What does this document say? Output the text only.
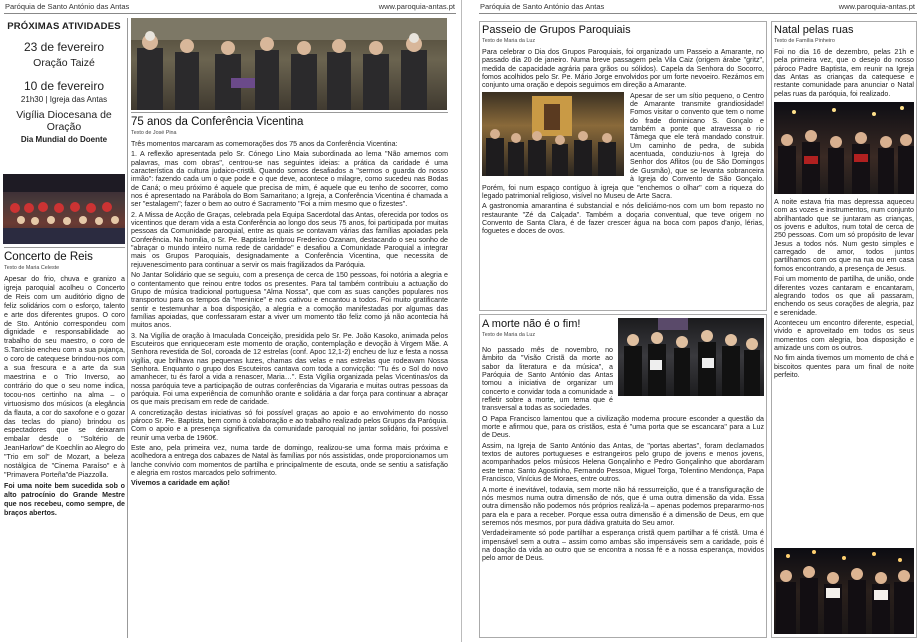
Paróquia de Santo António das Antas	www.paroquia-antas.pt
PRÓXIMAS ATIVIDADES
23 de fevereiro
Oração Taizé
10 de fevereiro
21h30 | Igreja das Antas
Vigília Diocesana de Oração
Dia Mundial do Doente
Concerto de Reis
Texto de Maria Celeste

Apesar do frio, chuva e granizo a igreja paroquial acolheu o Concerto de Reis com um auditório digno de feliz solidários com o esforço, talento e arte dos diferentes grupos. O coro de Sto. António correspondeu com dignidade e responsabilidade ao trabalho do seu maestro, o coro de S.Tarcísio encheu com a sua pujança, o coro de catequese brindou-nos com a sua frescura e a arte da sua maestrina e o Trio Inverso, ao contrário do que o seu nome indica, tocou-nos certinho na alma – o virtuosismo dos músicos (a elegância da flauta, a cor do saxofone e o gozar das teclas do piano) brindou os espectadores que se deixaram embalar desde o "Soltério de JeanHarlow" de Koechlin ao Alegro do "Trio em sol" de Mozart, a beleza nostálgica de "Cinema Paraíso" e à "Primavera Porteña"de Piazzolla.

Foi uma noite bem sucedida sob o alto patrocínio do Grande Mestre que nos recebeu, como sempre, de braços abertos.

75 anos da Conferência Vicentina
Texto de José Pina

Três momentos marcaram as comemorações dos 75 anos da Conferência Vicentina:

1. A reflexão apresentada pelo Sr. Cónego Lino Maia subordinada ao lema "Não amemos com palavras, mas com obras", centrou-se nas seguintes ideias: a prática da caridade é uma característica da cultura judaico-cristã. Quando somos desafiados a "sermos o guarda do nosso irmão": fazendo cada um o que pode e o que deve, acontece o milagre, como sucedeu nas Bodas de Caná; o meu próximo é aquele que precisa de mim, é aquele que eu tenho de socorrer, como nos é apresentado na Parábola do Bom Samaritano; a Igreja, a Conferência Vicentina é chamada a ser "estalagem"; fazer o bem ao outro é Sacramento "Foi a mim mesmo que o fizestes".

2. A Missa de Acção de Graças, celebrada pela Equipa Sacerdotal das Antas, oferecida por todos os vicentinos que deram vida a esta Conferência ao longo dos seus 75 anos, foi participada por muitas pessoas da Comunidade paroquial, entre as quais se contavam várias das famílias apoiadas pela Conferência. Na homilia, o Sr. Pe. Baptista lembrou Frederico Ozanam, destacando o seu sonho de "abraçar o mundo inteiro numa rede de caridade" e desafiou a Comunidade Paroquial a integrar mais os Grupos Paroquiais, designadamente a Conferência Vicentina, que necessita de rejuvenescimento para continuar a servir os mais fragilizados da Paróquia.

No Jantar Solidário que se seguiu, com a presença de cerca de 150 pessoas, foi notória a alegria e o contentamento que reinou entre todos os presentes. Para tal também contribuiu a actuação do Grupo de música tradicional portuguesa "Alma Nossa", que com as suas canções populares nos transportou para os tempos da "meninice" e nos cativou e encantou a todos. Foi muito gratificante sentir e testemunhar a boa disposição, a alegria e a comoção manifestadas por algumas das famílias apoiadas, que confessaram estar a viver um momento tão feliz como já não acontecia há muitos anos.

3. Na Vigília de oração à Imaculada Conceição, presidida pelo Sr. Pe. João Kasoko, animada pelos Escuteiros que enriqueceram este momento de oração, contemplação e devoção à Virgem Mãe. A Senhora revestida de Sol, coroada de 12 estrelas (conf. Apoc 12,1-2) encheu de luz e festa a nossa vigília, que brilhava nas pequenas luzes, chamas das velas e nas estrelas que rodeavam Nossa Senhora. Enquanto o grupo dos Escuteiros cantava com toda a convicção: "Tu és o Sol do novo amanhecer, tu és farol a vida a renascer, Maria…". Esta Vigília organizada pelas Vicentinas/os da nossa paróquia teve a participação de outras conferências da Vigararia e muitas outras pessoas da paróquia. Foi uma experiência de comunhão orante e solidária a dar força para continuar a abraçar os que mais precisam em rede de caridade.

A concretização destas iniciativas só foi possível graças ao apoio e ao envolvimento do nosso pároco Sr. Pe. Baptista, bem como à colaboração e ao trabalho realizado pelos Grupos da Paróquia. Com o apoio e a presença significativa da comunidade paroquial no jantar solidário, foi possível reunir uma verba de 1960€.

Este ano, pela primeira vez, numa tarde de domingo, realizou-se uma forma mais próxima e acolhedora a entrega dos cabazes de Natal às famílias por nós assistidas, onde proporcionamos um lanche convívio com momentos de partilha e principalmente de escuta, onde se sentiu a satisfação e alegria em rostos marcados pelo sofrimento.

Vivemos a caridade em ação!

Paróquia de Santo António das Antas	www.paroquia-antas.pt
Passeio de Grupos Paroquiais
Texto de Maria da Luz

Para celebrar o Dia dos Grupos Paroquiais, foi organizado um Passeio a Amarante, no passado dia 20 de janeiro. Numa breve passagem pela Vila Caiz (origem árabe "gritz", medida de capacidade agrária para grãos ou sólidos). Capela da Senhora do Socorro, fomos acolhidos pelo Sr. Pe. Mário Jorge envolvidos por um forte nevoeiro. Rezámos em conjunto uma oração e depois seguimos em direção a Amarante.

Apesar de ser um sítio pequeno, o Centro de Amarante transmite grandiosidade! Fomos visitar o convento que tem o nome do frade dominicano S. Gonçalo e também a ponte que atravessa o rio Tâmega que ele terá mandado construir. Um caminho de pedra, de subida acentuada, conduziu-nos à Igreja do Senhor dos Aflitos (ou de São Domingos de Gusmão), que se levanta sobranceira à Igreja do Convento de São Gonçalo. Porém, foi num espaço contíguo à igreja que "enchemos o olhar" com a riqueza do legado patrimonial religioso, visível no Museu de Arte Sacra.

A gastronomia amarantina é substancial e nós deliciámo-nos com um bom repasto no restaurante "Zé da Calçada". Também a doçaria conventual, que teve origem no Convento de Santa Clara, é de fazer crescer água na boca com papos d'anjo, lérias, foguetes e doces de ovos.

A morte não é o fim!
Texto de Maria da Luz

No passado mês de novembro, no âmbito da "Visão Cristã da morte ao sabor da literatura e da música", a Paróquia de Santo António das Antas tomou a iniciativa de organizar um concerto e convidar toda a comunidade a refletir sobre a morte, um tema que é transversal a todas as sociedades.

O Papa Francisco lamentou que a civilização moderna procure esconder a questão da morte e afirmou que, para os cristãos, esta é "uma porta que se escancara" para a Luz de Deus.

Assim, na Igreja de Santo António das Antas, de "portas abertas", foram declamados textos de autores portugueses e estrangeiros pelo grupo de jovens e menos jovens, acompanhados pelos músicos Helena Gonçalinho e Pedro Gonçalinho que abordaram este tema: Santo Agostinho, Fernando Pessoa, Miguel Torga, Tolentino Mendonça, Papa Francisco, Vinícius de Moraes, entre outros.

A morte é inevitável, todavia, sem morte não há ressurreição, que é a transfiguração de nós mesmos numa outra dimensão de nós, que é uma outra dimensão da vida. Essa outra dimensão não podemos nós próprios realizá-la – apenas podemos prepararmo-nos para ela e para a receber. Porque essa outra dimensão é a dimensão de Deus, em que seremos nós mesmos, por pura dádiva gratuita do Seu amor.

Verdadeiramente só pode partilhar a esperança cristã quem partilhar a fé cristã. Uma é impensável sem a outra – assim como ambas são impensáveis sem a caridade, pois é na doação da vida ao outro que se encontra a nossa fé e a nossa esperança, movidos pelo amor de Deus.

Natal pelas ruas
Texto de Família Pinheiro

Foi no dia 16 de dezembro, pelas 21h e pela primeira vez, que o desejo do nosso pároco Padre Baptista, em reunir na Igreja das Antas as crianças da catequese e restante comunidade para anunciar o Natal pelas ruas da paróquia, foi realizado.

A noite estava fria mas depressa aqueceu com as vozes e instrumentos, num conjunto abrilhantado que se juntaram as crianças, os jovens e adultos, num total de cerca de 250 pessoas. Com um só propósito de levar Jesus a todos nós. Num gesto simples e carregado de amor, todos juntos partilhamos com os que na rua ou em casa fomos encontrando, a presença de Jesus.

Foi um momento de partilha, de união, onde diferentes vozes cantaram e encantaram, alegrando todos os que ali passaram, enchendo os seus corações de alegria, paz e serenidade.

Aconteceu um encontro diferente, especial, vivido e aproveitado em todos os seus momentos com alegria, boa disposição e amizade uns com os outros.

No fim ainda tivemos um momento de chá e biscoitos quentes para um final de noite perfeito.
